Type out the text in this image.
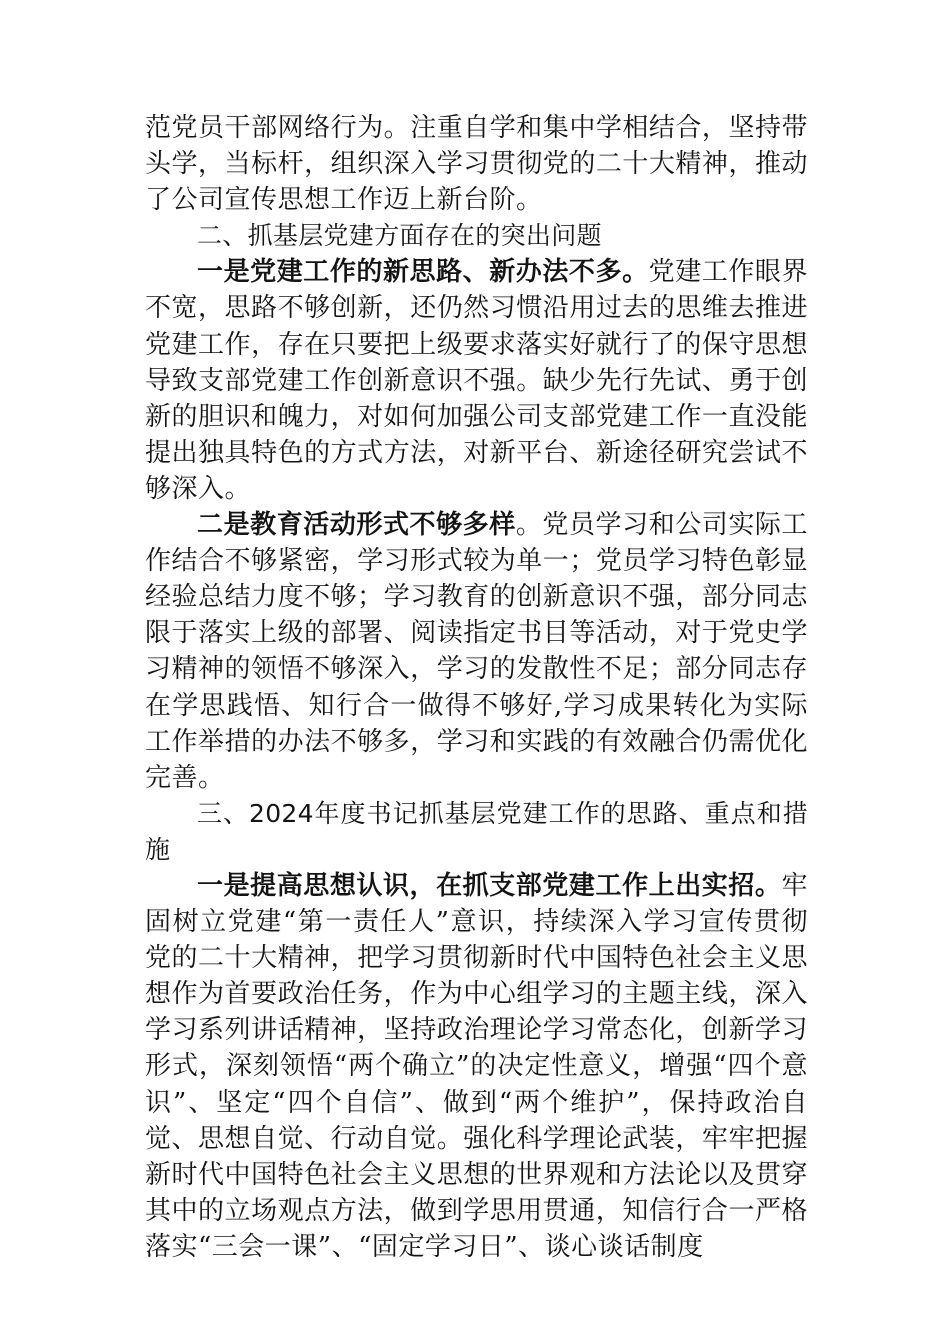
范党员干部网络行为。注重自学和集中学相结合，坚持带头学，当标杆，组织深入学习贯彻党的二十大精神，推动了公司宣传思想工作迈上新台阶。

二、抓基层党建方面存在的突出问题

一是党建工作的新思路、新办法不多。党建工作眼界不宽，思路不够创新，还仍然习惯沿用过去的思维去推进党建工作，存在只要把上级要求落实好就行了的保守思想导致支部党建工作创新意识不强。缺少先行先试、勇于创新的胆识和魄力，对如何加强公司支部党建工作一直没能提出独具特色的方式方法，对新平台、新途径研究尝试不够深入。

二是教育活动形式不够多样。党员学习和公司实际工作结合不够紧密，学习形式较为单一；党员学习特色彰显经验总结力度不够；学习教育的创新意识不强，部分同志限于落实上级的部署、阅读指定书目等活动，对于党史学习精神的领悟不够深入，学习的发散性不足；部分同志存在学思践悟、知行合一做得不够好,学习成果转化为实际工作举措的办法不够多，学习和实践的有效融合仍需优化完善。

三、2024年度书记抓基层党建工作的思路、重点和措施

一是提高思想认识，在抓支部党建工作上出实招。牢固树立党建“第一责任人”意识，持续深入学习宣传贯彻党的二十大精神，把学习贯彻新时代中国特色社会主义思想作为首要政治任务，作为中心组学习的主题主线，深入学习系列讲话精神，坚持政治理论学习常态化，创新学习形式，深刻领悟“两个确立”的决定性意义，增强“四个意识”、坚定“四个自信”、做到“两个维护”，保持政治自觉、思想自觉、行动自觉。强化科学理论武装，牢牢把握新时代中国特色社会主义思想的世界观和方法论以及贯穿其中的立场观点方法，做到学思用贯通，知信行合一严格落实“三会一课”、“固定学习日”、谈心谈话制度
